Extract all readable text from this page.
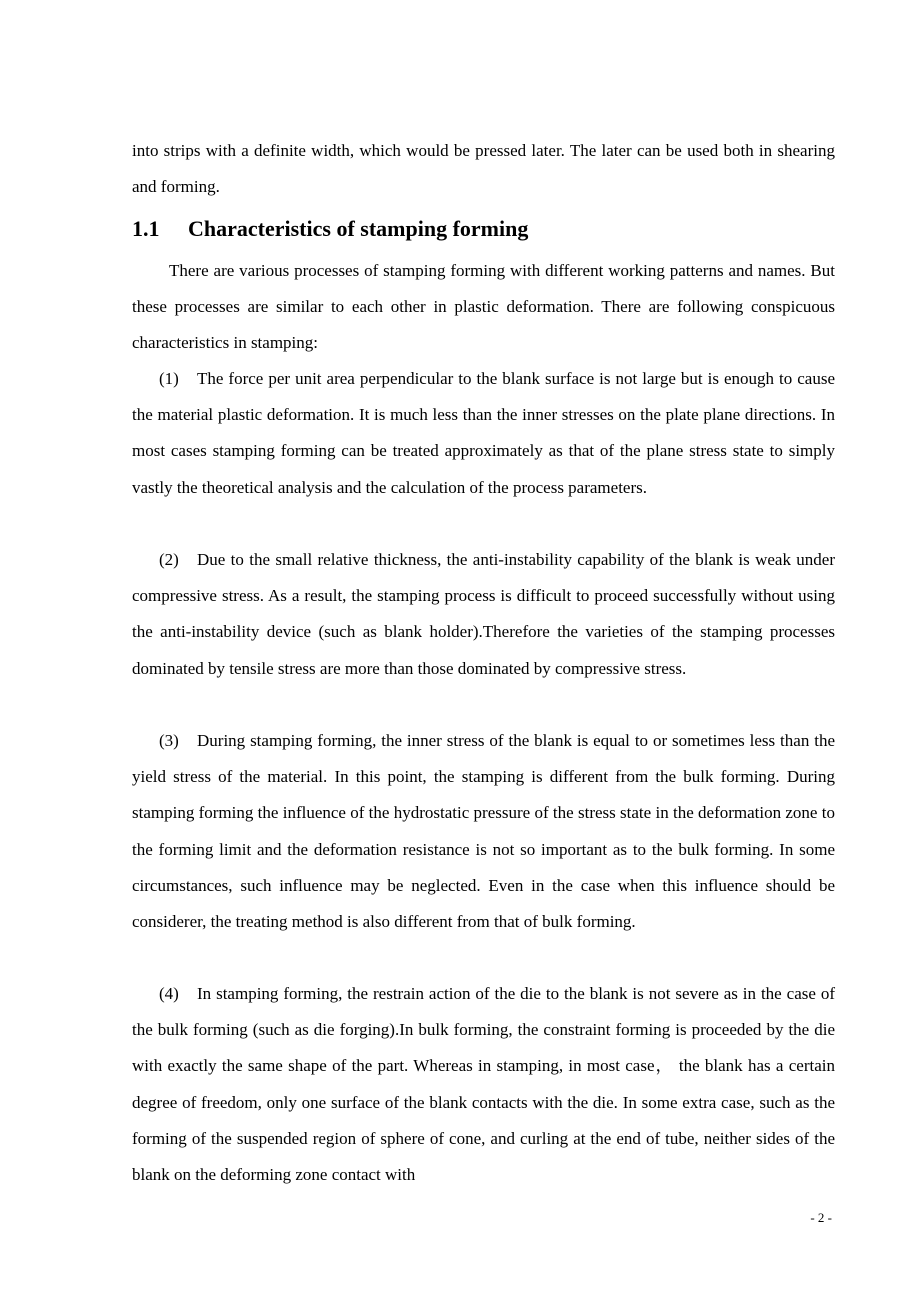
into strips with a definite width, which would be pressed later. The later can be used both in shearing and forming.

1.1 Characteristics of stamping forming

There are various processes of stamping forming with different working patterns and names. But these processes are similar to each other in plastic deformation. There are following conspicuous characteristics in stamping:

(1) The force per unit area perpendicular to the blank surface is not large but is enough to cause the material plastic deformation. It is much less than the inner stresses on the plate plane directions. In most cases stamping forming can be treated approximately as that of the plane stress state to simply vastly the theoretical analysis and the calculation of the process parameters.

(2) Due to the small relative thickness, the anti-instability capability of the blank is weak under compressive stress. As a result, the stamping process is difficult to proceed successfully without using the anti-instability device (such as blank holder).Therefore the varieties of the stamping processes dominated by tensile stress are more than those dominated by compressive stress.

(3) During stamping forming, the inner stress of the blank is equal to or sometimes less than the yield stress of the material. In this point, the stamping is different from the bulk forming. During stamping forming the influence of the hydrostatic pressure of the stress state in the deformation zone to the forming limit and the deformation resistance is not so important as to the bulk forming. In some circumstances, such influence may be neglected. Even in the case when this influence should be considerer, the treating method is also different from that of bulk forming.

(4) In stamping forming, the restrain action of the die to the blank is not severe as in the case of the bulk forming (such as die forging).In bulk forming, the constraint forming is proceeded by the die with exactly the same shape of the part. Whereas in stamping, in most case， the blank has a certain degree of freedom, only one surface of the blank contacts with the die. In some extra case, such as the forming of the suspended region of sphere of cone, and curling at the end of tube, neither sides of the blank on the deforming zone contact with

- 2 -
